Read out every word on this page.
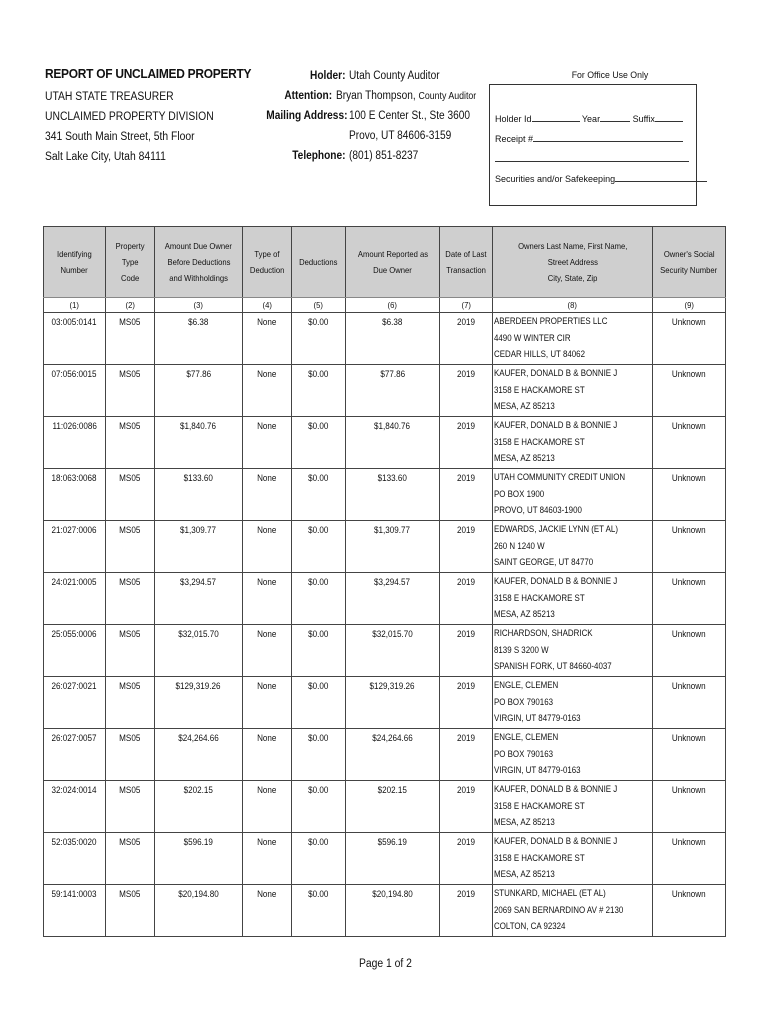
REPORT OF UNCLAIMED PROPERTY
UTAH STATE TREASURER
UNCLAIMED PROPERTY DIVISION
341 South Main Street, 5th Floor
Salt Lake City, Utah 84111
Holder: Utah County Auditor
Attention: Bryan Thompson, County Auditor
Mailing Address: 100 E Center St., Ste 3600
Provo, UT 84606-3159
Telephone: (801) 851-8237
For Office Use Only
Holder Id	Year	Suffix
Receipt #
Securities and/or Safekeeping
Identifying
Number	Property
Type
Code	Amount Due Owner
Before Deductions
and Withholdings	Type of
Deduction	Deductions	Amount Reported as
Due Owner	Date of Last
Transaction	Owners Last Name, First Name,
Street Address
City, State, Zip	Owner's Social
Security Number

(1)	(2)	(3)	(4)	(5)	(6)	(7)	(8)	(9)
03:005:0141	MS05	$6.38	None	$0.00	$6.38	2019	ABERDEEN PROPERTIES LLC
4490 W WINTER CIR
CEDAR HILLS, UT 84062	Unknown
07:056:0015	MS05	$77.86	None	$0.00	$77.86	2019	KAUFER, DONALD B & BONNIE J
3158 E HACKAMORE ST
MESA, AZ 85213	Unknown
11:026:0086	MS05	$1,840.76	None	$0.00	$1,840.76	2019	KAUFER, DONALD B & BONNIE J
3158 E HACKAMORE ST
MESA, AZ 85213	Unknown
18:063:0068	MS05	$133.60	None	$0.00	$133.60	2019	UTAH COMMUNITY CREDIT UNION
PO BOX 1900
PROVO, UT 84603-1900	Unknown
21:027:0006	MS05	$1,309.77	None	$0.00	$1,309.77	2019	EDWARDS, JACKIE LYNN (ET AL)
260 N 1240 W
SAINT GEORGE, UT 84770	Unknown
24:021:0005	MS05	$3,294.57	None	$0.00	$3,294.57	2019	KAUFER, DONALD B & BONNIE J
3158 E HACKAMORE ST
MESA, AZ 85213	Unknown
25:055:0006	MS05	$32,015.70	None	$0.00	$32,015.70	2019	RICHARDSON, SHADRICK
8139 S 3200 W
SPANISH FORK, UT 84660-4037	Unknown
26:027:0021	MS05	$129,319.26	None	$0.00	$129,319.26	2019	ENGLE, CLEMEN
PO BOX 790163
VIRGIN, UT 84779-0163	Unknown
26:027:0057	MS05	$24,264.66	None	$0.00	$24,264.66	2019	ENGLE, CLEMEN
PO BOX 790163
VIRGIN, UT 84779-0163	Unknown
32:024:0014	MS05	$202.15	None	$0.00	$202.15	2019	KAUFER, DONALD B & BONNIE J
3158 E HACKAMORE ST
MESA, AZ 85213	Unknown
52:035:0020	MS05	$596.19	None	$0.00	$596.19	2019	KAUFER, DONALD B & BONNIE J
3158 E HACKAMORE ST
MESA, AZ 85213	Unknown
59:141:0003	MS05	$20,194.80	None	$0.00	$20,194.80	2019	STUNKARD, MICHAEL (ET AL)
2069 SAN BERNARDINO AV # 2130
COLTON, CA 92324	Unknown
Page 1 of 2
